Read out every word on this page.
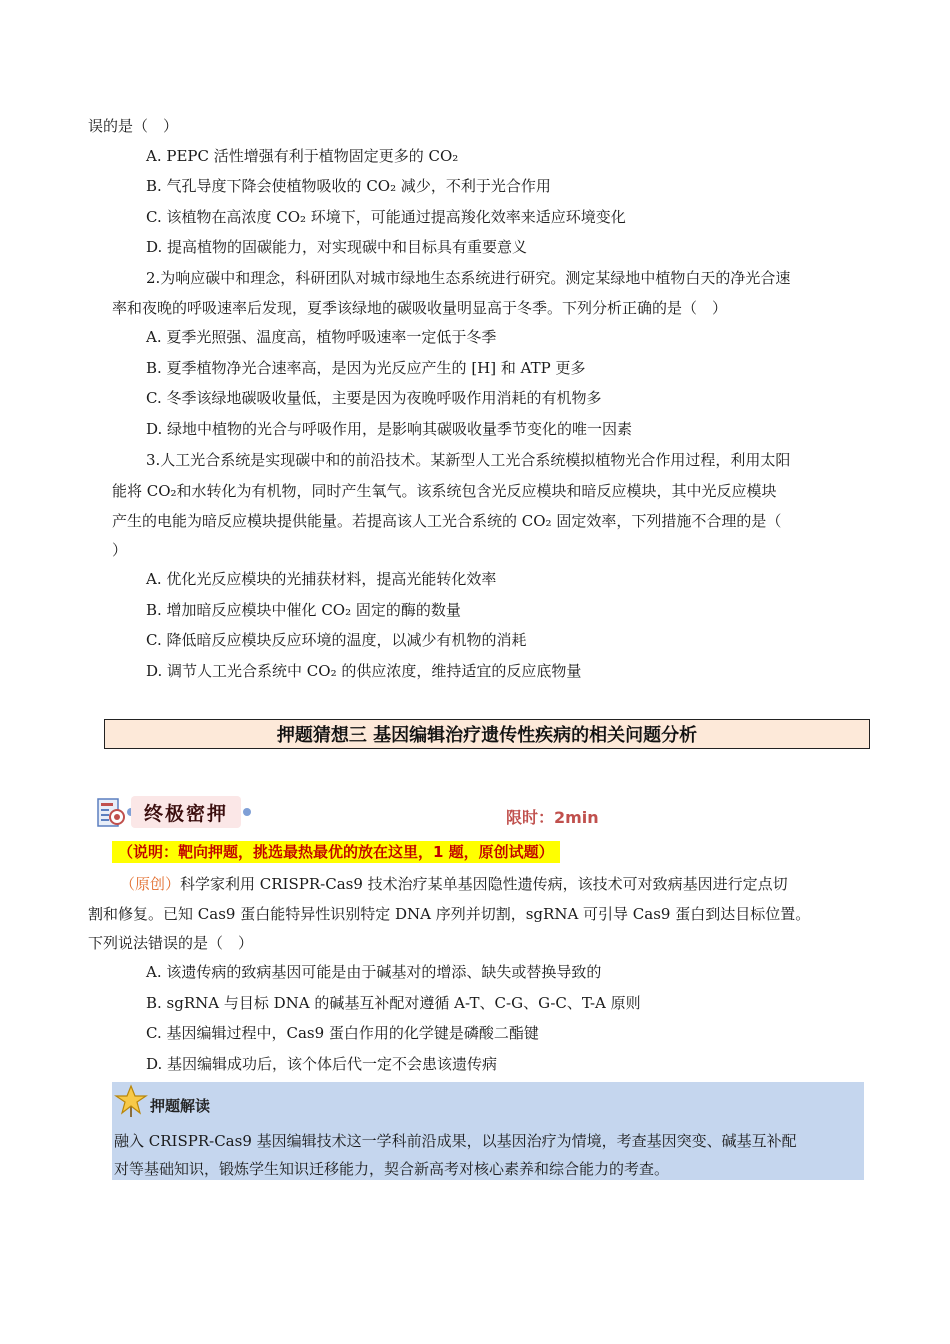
误的是（　）
A. PEPC 活性增强有利于植物固定更多的 CO₂
B. 气孔导度下降会使植物吸收的 CO₂ 减少，不利于光合作用
C. 该植物在高浓度 CO₂ 环境下，可能通过提高羧化效率来适应环境变化
D. 提高植物的固碳能力，对实现碳中和目标具有重要意义
2.为响应碳中和理念，科研团队对城市绿地生态系统进行研究。测定某绿地中植物白天的净光合速
率和夜晚的呼吸速率后发现，夏季该绿地的碳吸收量明显高于冬季。下列分析正确的是（　）
A. 夏季光照强、温度高，植物呼吸速率一定低于冬季
B. 夏季植物净光合速率高，是因为光反应产生的 [H] 和 ATP 更多
C. 冬季该绿地碳吸收量低，主要是因为夜晚呼吸作用消耗的有机物多
D. 绿地中植物的光合与呼吸作用，是影响其碳吸收量季节变化的唯一因素
3.人工光合系统是实现碳中和的前沿技术。某新型人工光合系统模拟植物光合作用过程，利用太阳
能将 CO₂和水转化为有机物，同时产生氧气。该系统包含光反应模块和暗反应模块，其中光反应模块
产生的电能为暗反应模块提供能量。若提高该人工光合系统的 CO₂ 固定效率，下列措施不合理的是（
）
A. 优化光反应模块的光捕获材料，提高光能转化效率
B. 增加暗反应模块中催化 CO₂ 固定的酶的数量
C. 降低暗反应模块反应环境的温度，以减少有机物的消耗
D. 调节人工光合系统中 CO₂ 的供应浓度，维持适宜的反应底物量
押题猜想三 基因编辑治疗遗传性疾病的相关问题分析
终极密押	限时：2min
（说明：靶向押题，挑选最热最优的放在这里，1 题，原创试题）
（原创）科学家利用 CRISPR-Cas9 技术治疗某单基因隐性遗传病，该技术可对致病基因进行定点切
割和修复。已知 Cas9 蛋白能特异性识别特定 DNA 序列并切割，sgRNA 可引导 Cas9 蛋白到达目标位置。
下列说法错误的是（　）
A. 该遗传病的致病基因可能是由于碱基对的增添、缺失或替换导致的
B. sgRNA 与目标 DNA 的碱基互补配对遵循 A-T、C-G、G-C、T-A 原则
C. 基因编辑过程中，Cas9 蛋白作用的化学键是磷酸二酯键
D. 基因编辑成功后，该个体后代一定不会患该遗传病
押题解读
融入 CRISPR-Cas9 基因编辑技术这一学科前沿成果，以基因治疗为情境，考查基因突变、碱基互补配
对等基础知识，锻炼学生知识迁移能力，契合新高考对核心素养和综合能力的考查。
